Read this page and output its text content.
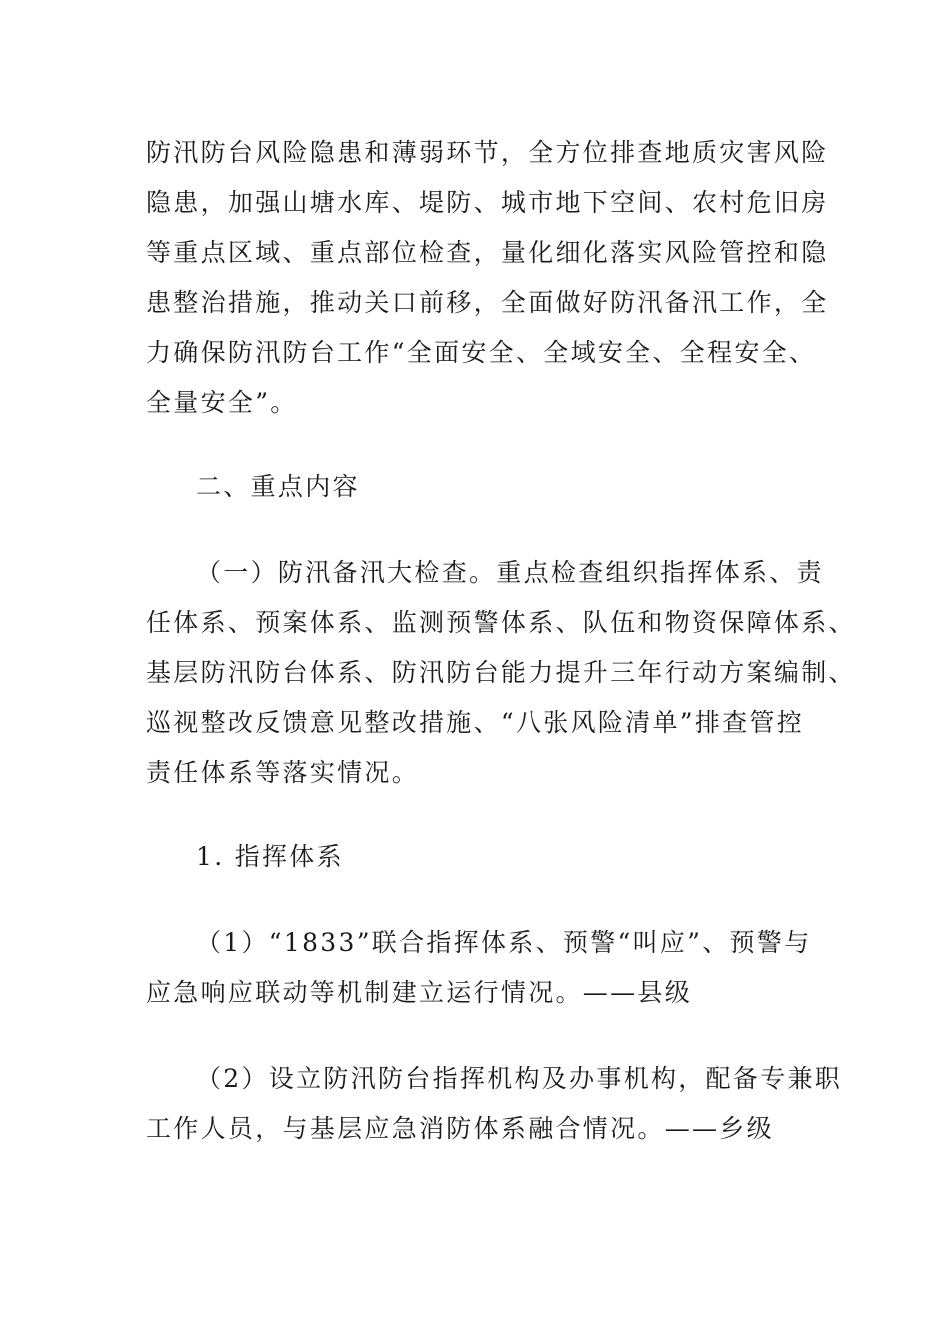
防汛防台风险隐患和薄弱环节，全方位排查地质灾害风险
隐患，加强山塘水库、堤防、城市地下空间、农村危旧房
等重点区域、重点部位检查，量化细化落实风险管控和隐
患整治措施，推动关口前移，全面做好防汛备汛工作，全
力确保防汛防台工作“全面安全、全域安全、全程安全、
全量安全”。
二、重点内容
（一）防汛备汛大检查。重点检查组织指挥体系、责
任体系、预案体系、监测预警体系、队伍和物资保障体系、
基层防汛防台体系、防汛防台能力提升三年行动方案编制、
巡视整改反馈意见整改措施、“八张风险清单”排查管控
责任体系等落实情况。
1. 指挥体系
（1）“1833”联合指挥体系、预警“叫应”、预警与
应急响应联动等机制建立运行情况。——县级
（2）设立防汛防台指挥机构及办事机构，配备专兼职
工作人员，与基层应急消防体系融合情况。——乡级
